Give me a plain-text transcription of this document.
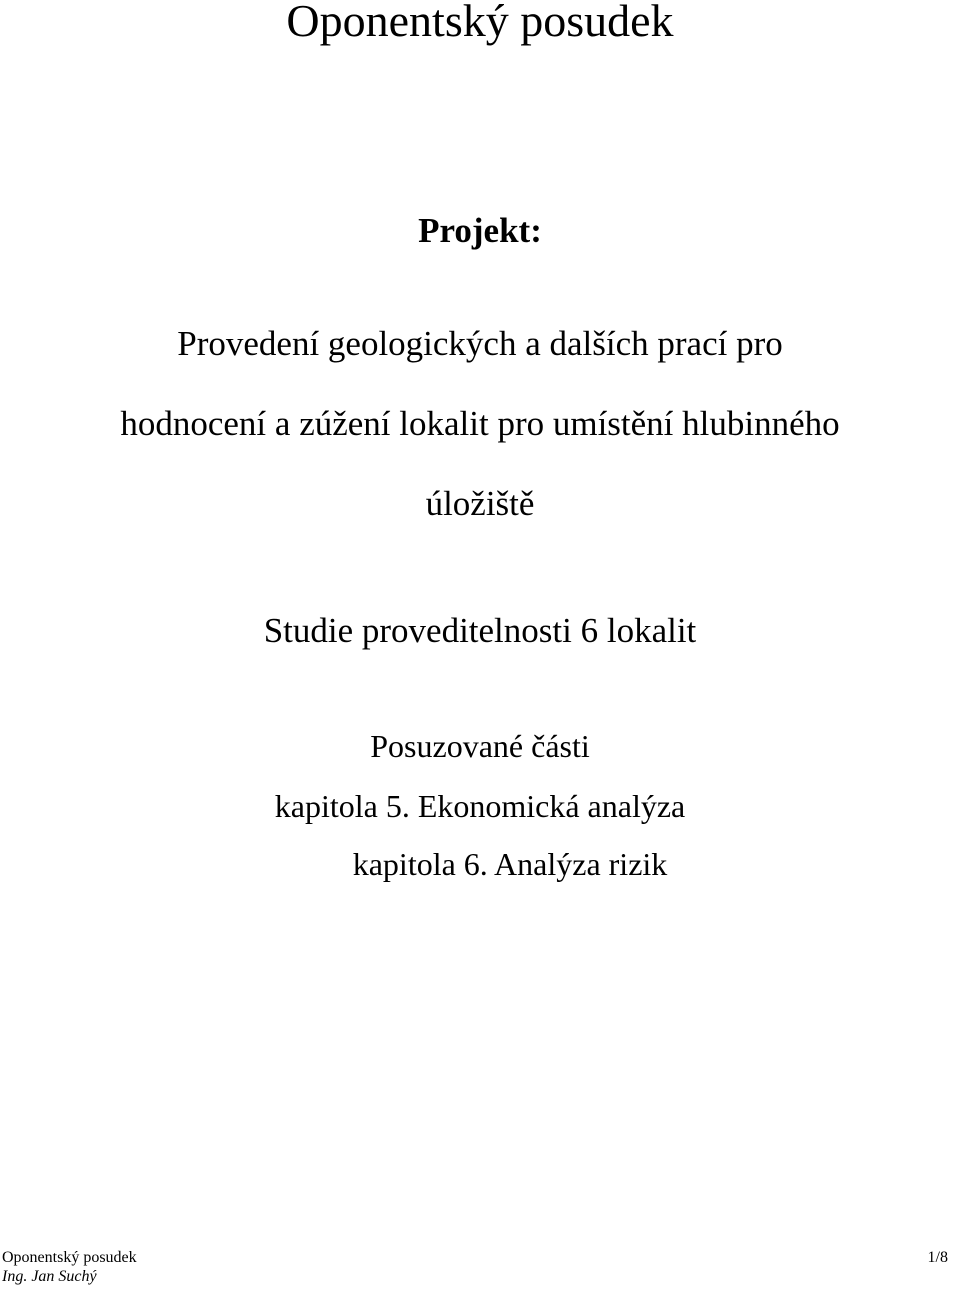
Oponentský posudek
Projekt:
Provedení geologických a dalších prací pro
hodnocení a zúžení lokalit pro umístění hlubinného
úložiště
Studie proveditelnosti 6 lokalit
Posuzované části
kapitola 5. Ekonomická analýza
kapitola 6. Analýza rizik
Oponentský posudek
Ing. Jan Suchý
1/8
